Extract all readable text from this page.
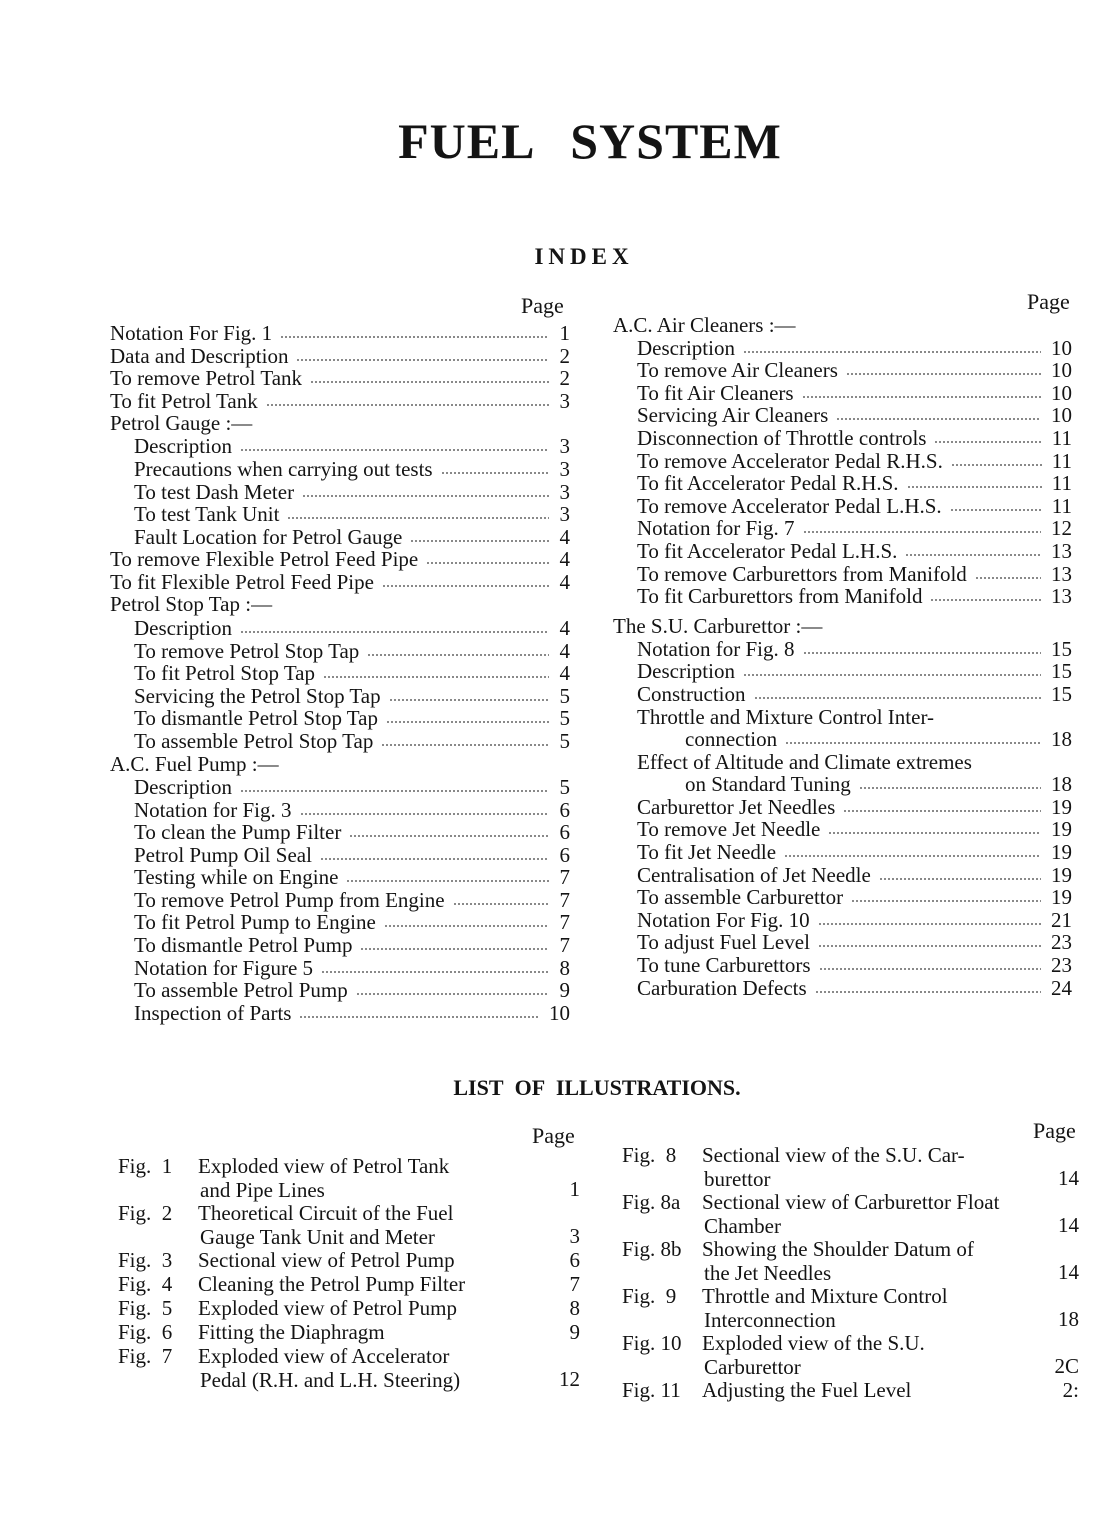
FUEL SYSTEM
INDEX
Page	Page
Notation For Fig. 1	1
Data and Description	2
To remove Petrol Tank	2
To fit Petrol Tank	3
Petrol Gauge :—
Description	3
Precautions when carrying out tests	3
To test Dash Meter	3
To test Tank Unit	3
Fault Location for Petrol Gauge	4
To remove Flexible Petrol Feed Pipe	4
To fit Flexible Petrol Feed Pipe	4
Petrol Stop Tap :—
Description	4
To remove Petrol Stop Tap	4
To fit Petrol Stop Tap	4
Servicing the Petrol Stop Tap	5
To dismantle Petrol Stop Tap	5
To assemble Petrol Stop Tap	5
A.C. Fuel Pump :—
Description	5
Notation for Fig. 3	6
To clean the Pump Filter	6
Petrol Pump Oil Seal	6
Testing while on Engine	7
To remove Petrol Pump from Engine	7
To fit Petrol Pump to Engine	7
To dismantle Petrol Pump	7
Notation for Figure 5	8
To assemble Petrol Pump	9
Inspection of Parts	10
A.C. Air Cleaners :—
Description	10
To remove Air Cleaners	10
To fit Air Cleaners	10
Servicing Air Cleaners	10
Disconnection of Throttle controls	11
To remove Accelerator Pedal R.H.S.	11
To fit Accelerator Pedal R.H.S.	11
To remove Accelerator Pedal L.H.S.	11
Notation for Fig. 7	12
To fit Accelerator Pedal L.H.S.	13
To remove Carburettors from Manifold	13
To fit Carburettors from Manifold	13
The S.U. Carburettor :—
Notation for Fig. 8	15
Description	15
Construction	15
Throttle and Mixture Control Inter-
connection	18
Effect of Altitude and Climate extremes
on Standard Tuning	18
Carburettor Jet Needles	19
To remove Jet Needle	19
To fit Jet Needle	19
Centralisation of Jet Needle	19
To assemble Carburettor	19
Notation For Fig. 10	21
To adjust Fuel Level	23
To tune Carburettors	23
Carburation Defects	24
LIST OF ILLUSTRATIONS.
Page	Page
Fig.  1 Exploded view of Petrol Tank
and Pipe Lines	1
Fig.  2 Theoretical Circuit of the Fuel
Gauge Tank Unit and Meter	3
Fig.  3 Sectional view of Petrol Pump	6
Fig.  4 Cleaning the Petrol Pump Filter	7
Fig.  5 Exploded view of Petrol Pump	8
Fig.  6 Fitting the Diaphragm	9
Fig.  7 Exploded view of Accelerator
Pedal (R.H. and L.H. Steering)	12
Fig.  8 Sectional view of the S.U. Car-
burettor	14
Fig. 8a Sectional view of Carburettor Float
Chamber	14
Fig. 8b Showing the Shoulder Datum of
the Jet Needles	14
Fig.  9 Throttle and Mixture Control
Interconnection	18
Fig. 10 Exploded view of the S.U.
Carburettor	2C
Fig. 11 Adjusting the Fuel Level	2:
